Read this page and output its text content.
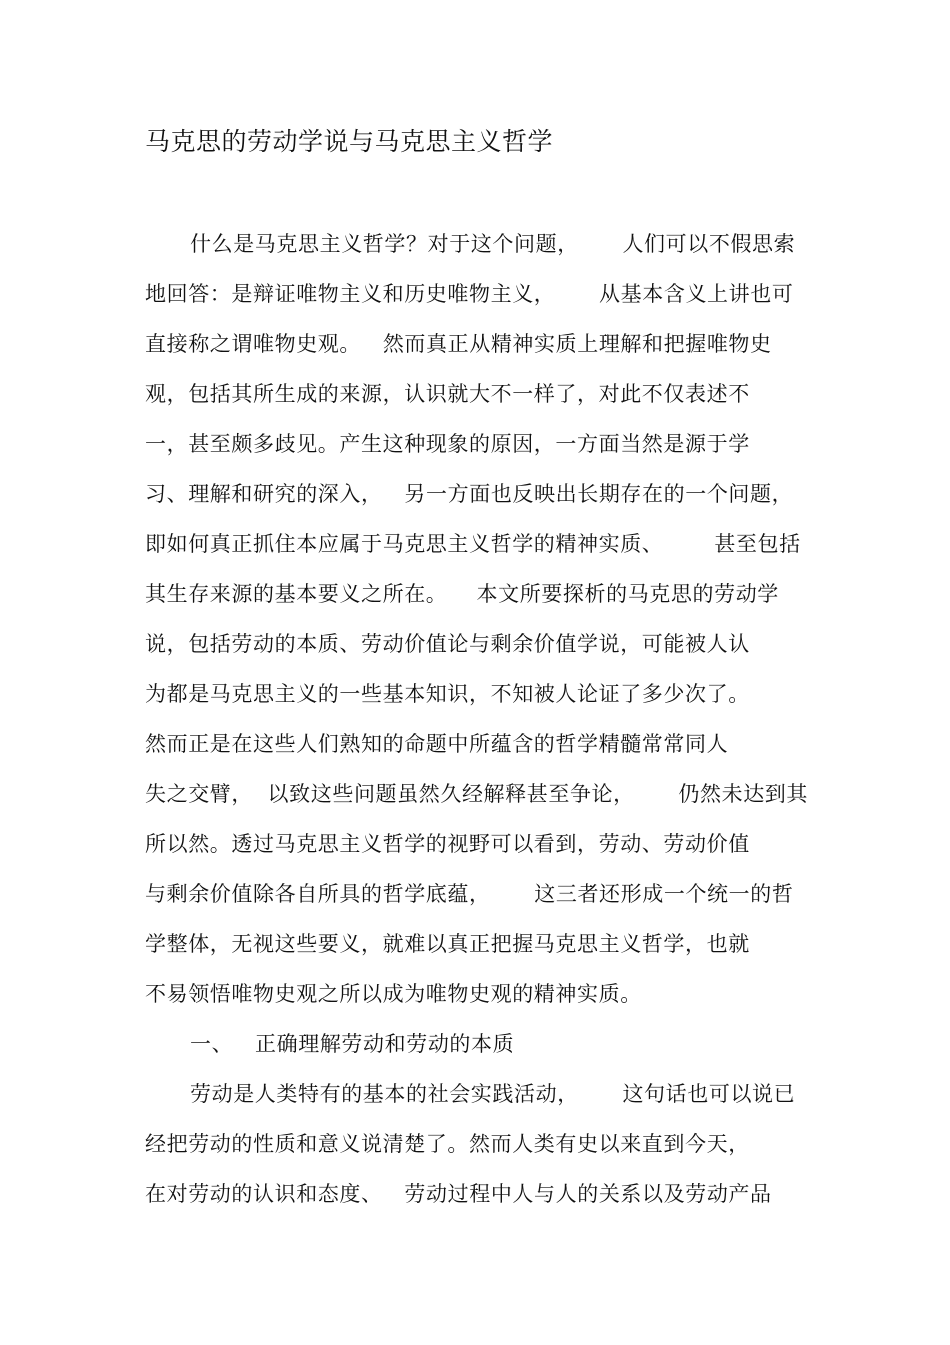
马克思的劳动学说与马克思主义哲学

什么是马克思主义哲学？对于这个问题，      人们可以不假思索

地回答：是辩证唯物主义和历史唯物主义，      从基本含义上讲也可

直接称之谓唯物史观。   然而真正从精神实质上理解和把握唯物史

观，包括其所生成的来源，认识就大不一样了，对此不仅表述不

一，甚至颇多歧见。产生这种现象的原因，一方面当然是源于学

习、理解和研究的深入，   另一方面也反映出长期存在的一个问题，

即如何真正抓住本应属于马克思主义哲学的精神实质、       甚至包括

其生存来源的基本要义之所在。    本文所要探析的马克思的劳动学

说，包括劳动的本质、劳动价值论与剩余价值学说，可能被人认

为都是马克思主义的一些基本知识，不知被人论证了多少次了。

然而正是在这些人们熟知的命题中所蕴含的哲学精髓常常同人

失之交臂，  以致这些问题虽然久经解释甚至争论，      仍然未达到其

所以然。透过马克思主义哲学的视野可以看到，劳动、劳动价值

与剩余价值除各自所具的哲学底蕴，      这三者还形成一个统一的哲

学整体，无视这些要义，就难以真正把握马克思主义哲学，也就

不易领悟唯物史观之所以成为唯物史观的精神实质。

一、   正确理解劳动和劳动的本质

劳动是人类特有的基本的社会实践活动，      这句话也可以说已

经把劳动的性质和意义说清楚了。然而人类有史以来直到今天，

在对劳动的认识和态度、   劳动过程中人与人的关系以及劳动产品
